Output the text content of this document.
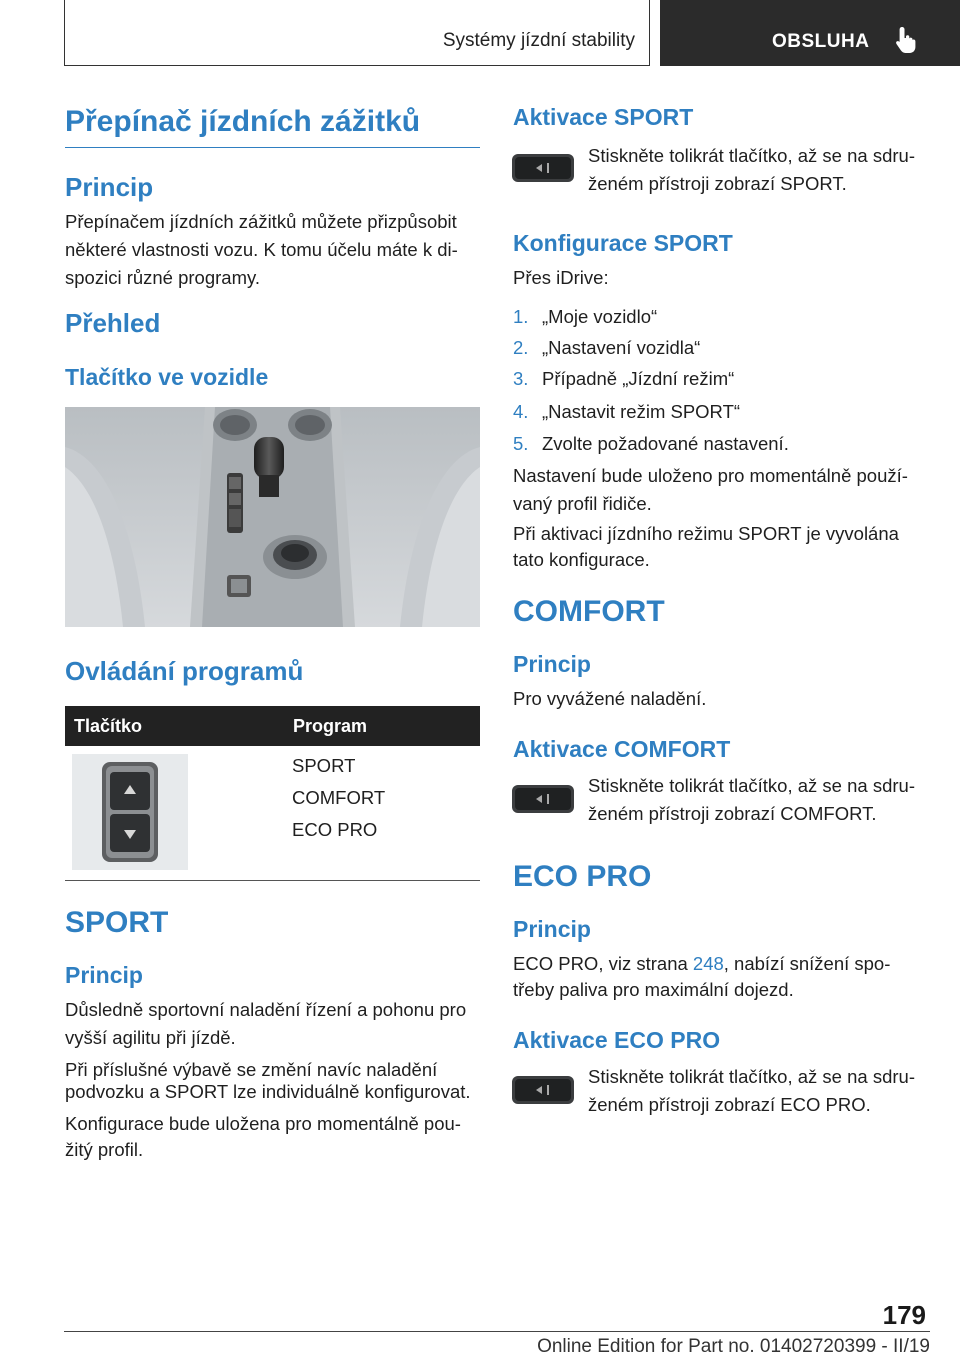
Systémy jízdní stability	OBSLUHA
Přepínač jízdních zážitků
Princip
Přepínačem jízdních zážitků můžete přizpůsobit
některé vlastnosti vozu. K tomu účelu máte k di-
spozici různé programy.
Přehled
Tlačítko ve vozidle
Ovládání programů
Tlačítko	Program
SPORT
COMFORT
ECO PRO
SPORT
Princip
Důsledně sportovní naladění řízení a pohonu pro
vyšší agilitu při jízdě.
Při příslušné výbavě se změní navíc naladění
podvozku a SPORT lze individuálně konfigurovat.
Konfigurace bude uložena pro momentálně pou-
žitý profil.
Aktivace SPORT
Stiskněte tolikrát tlačítko, až se na sdru-
ženém přístroji zobrazí SPORT.
Konfigurace SPORT
Přes iDrive:
1. „Moje vozidlo“
2. „Nastavení vozidla“
3. Případně „Jízdní režim“
4. „Nastavit režim SPORT“
5. Zvolte požadované nastavení.
Nastavení bude uloženo pro momentálně použí-
vaný profil řidiče.
Při aktivaci jízdního režimu SPORT je vyvolána
tato konfigurace.
COMFORT
Princip
Pro vyvážené naladění.
Aktivace COMFORT
Stiskněte tolikrát tlačítko, až se na sdru-
ženém přístroji zobrazí COMFORT.
ECO PRO
Princip
ECO PRO, viz strana 248, nabízí snížení spo-
třeby paliva pro maximální dojezd.
Aktivace ECO PRO
Stiskněte tolikrát tlačítko, až se na sdru-
ženém přístroji zobrazí ECO PRO.
179
Online Edition for Part no. 01402720399 - II/19
